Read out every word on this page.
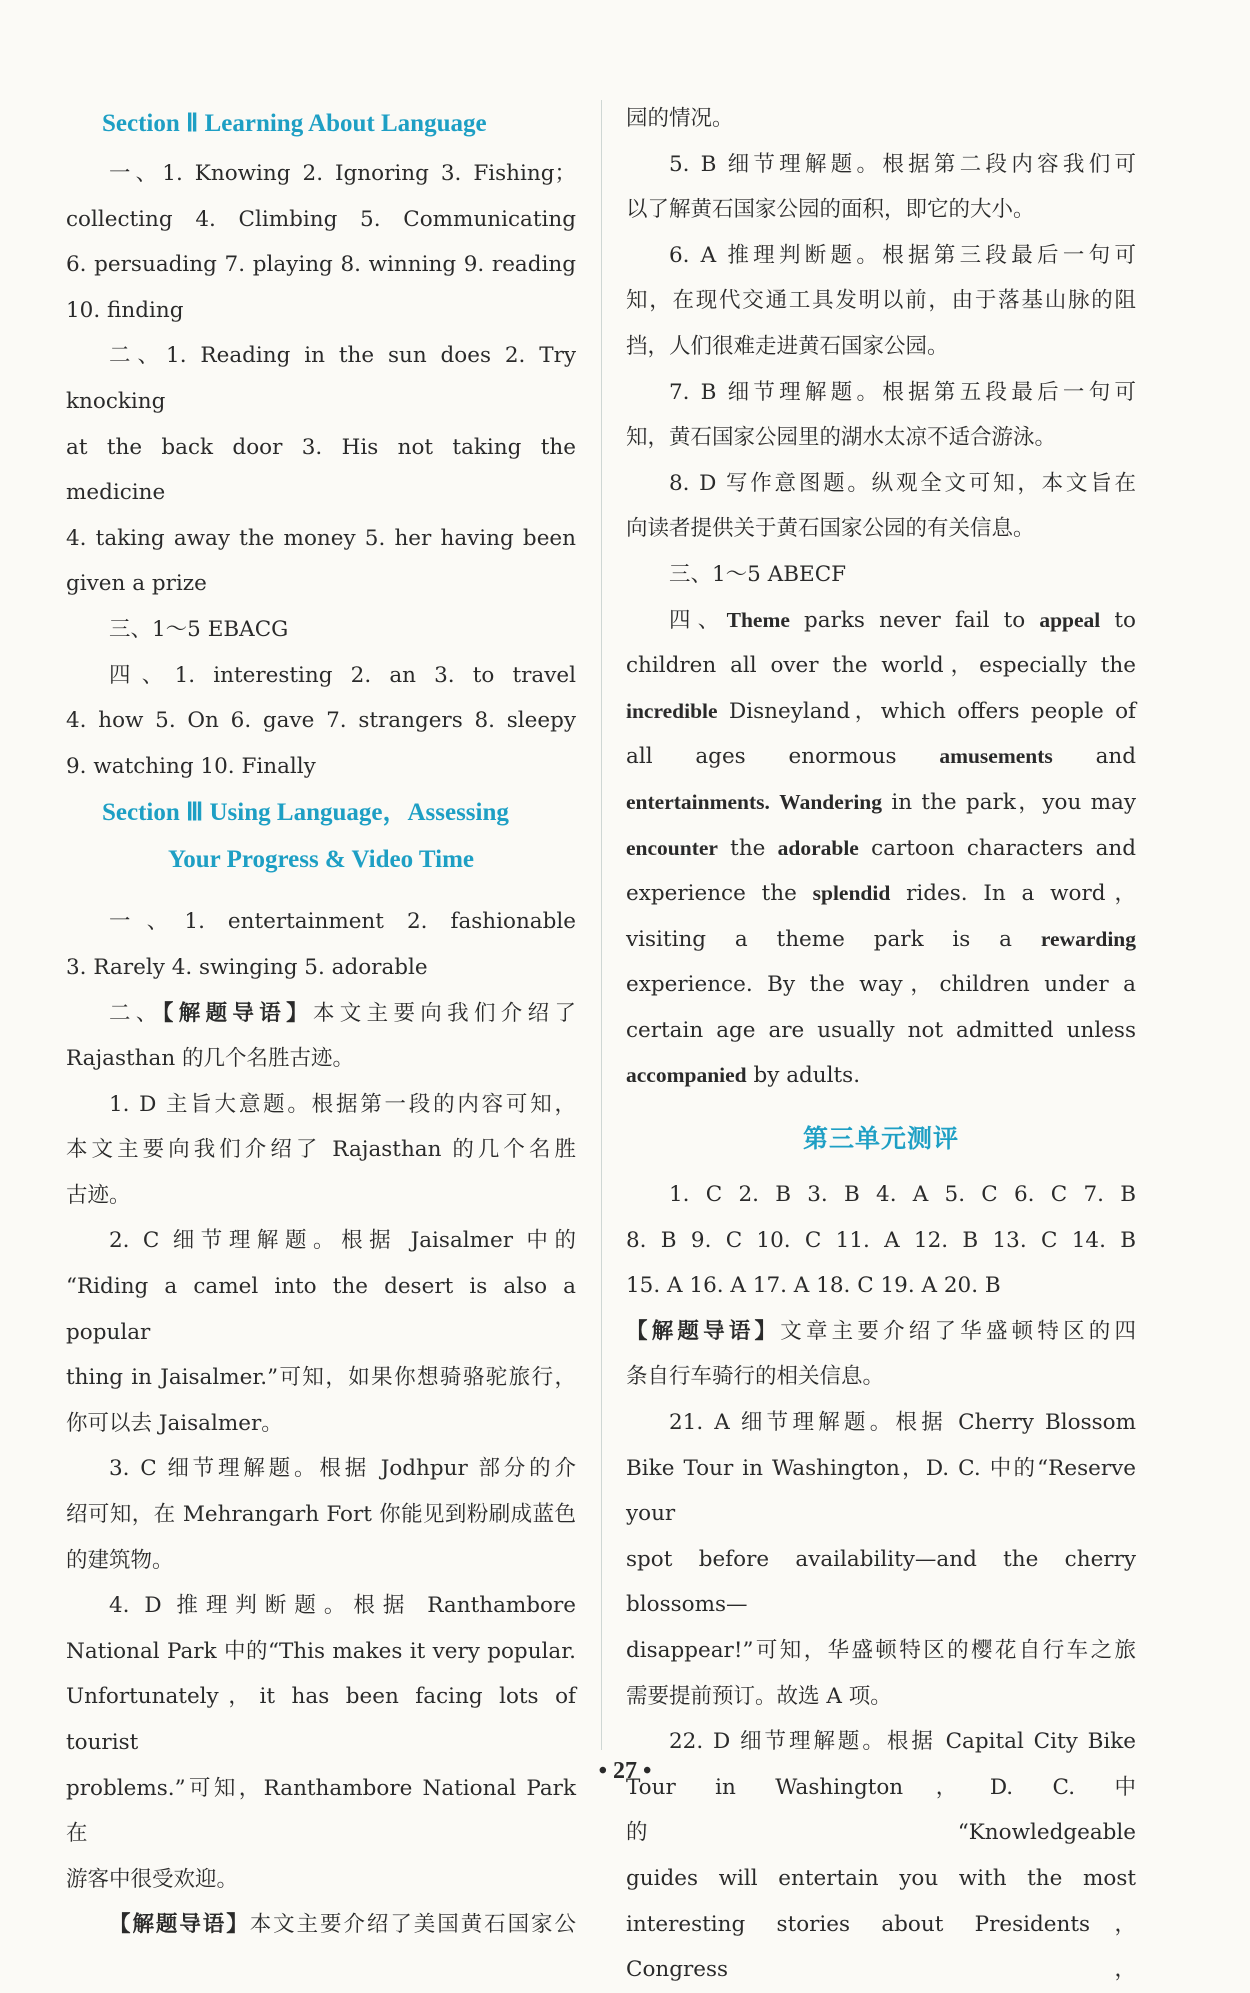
Section Ⅱ Learning About Language

一、1. Knowing 2. Ignoring 3. Fishing；

collecting 4. Climbing 5. Communicating

6. persuading 7. playing 8. winning 9. reading

10. finding

二、1. Reading in the sun does 2. Try knocking

at the back door 3. His not taking the medicine

4. taking away the money 5. her having been

given a prize

三、1～5 EBACG

四、1. interesting 2. an 3. to travel

4. how 5. On 6. gave 7. strangers 8. sleepy

9. watching 10. Finally

Section Ⅲ Using Language，Assessing

Your Progress & Video Time

一、1. entertainment 2. fashionable

3. Rarely 4. swinging 5. adorable

二、【解题导语】本文主要向我们介绍了

Rajasthan 的几个名胜古迹。

1. D 主旨大意题。根据第一段的内容可知，

本文主要向我们介绍了 Rajasthan 的几个名胜

古迹。

2. C 细节理解题。根据 Jaisalmer 中的

“Riding a camel into the desert is also a popular

thing in Jaisalmer.”可知，如果你想骑骆驼旅行，

你可以去 Jaisalmer。

3. C 细节理解题。根据 Jodhpur 部分的介

绍可知，在 Mehrangarh Fort 你能见到粉刷成蓝色

的建筑物。

4. D 推理判断题。根据 Ranthambore

National Park 中的“This makes it very popular.

Unfortunately，it has been facing lots of tourist

problems.”可知，Ranthambore National Park 在

游客中很受欢迎。

【解题导语】本文主要介绍了美国黄石国家公

园的情况。

5. B 细节理解题。根据第二段内容我们可

以了解黄石国家公园的面积，即它的大小。

6. A 推理判断题。根据第三段最后一句可

知，在现代交通工具发明以前，由于落基山脉的阻

挡，人们很难走进黄石国家公园。

7. B 细节理解题。根据第五段最后一句可

知，黄石国家公园里的湖水太凉不适合游泳。

8. D 写作意图题。纵观全文可知，本文旨在

向读者提供关于黄石国家公园的有关信息。

三、1～5 ABECF

四、Theme parks never fail to appeal to children all over the world，especially the incredible Disneyland，which offers people of all ages enormous amusements and entertainments. Wandering in the park，you may encounter the adorable cartoon characters and experience the splendid rides. In a word，visiting a theme park is a rewarding experience. By the way，children under a certain age are usually not admitted unless accompanied by adults.

第三单元测评

1. C 2. B 3. B 4. A 5. C 6. C 7. B

8. B 9. C 10. C 11. A 12. B 13. C 14. B

15. A 16. A 17. A 18. C 19. A 20. B

【解题导语】文章主要介绍了华盛顿特区的四

条自行车骑行的相关信息。

21. A 细节理解题。根据 Cherry Blossom

Bike Tour in Washington，D. C. 中的“Reserve your

spot before availability—and the cherry blossoms—

disappear!”可知，华盛顿特区的樱花自行车之旅

需要提前预订。故选 A 项。

22. D 细节理解题。根据 Capital City Bike

Tour in Washington，D. C. 中的“Knowledgeable

guides will entertain you with the most

interesting stories about Presidents，Congress，

• 27 •
